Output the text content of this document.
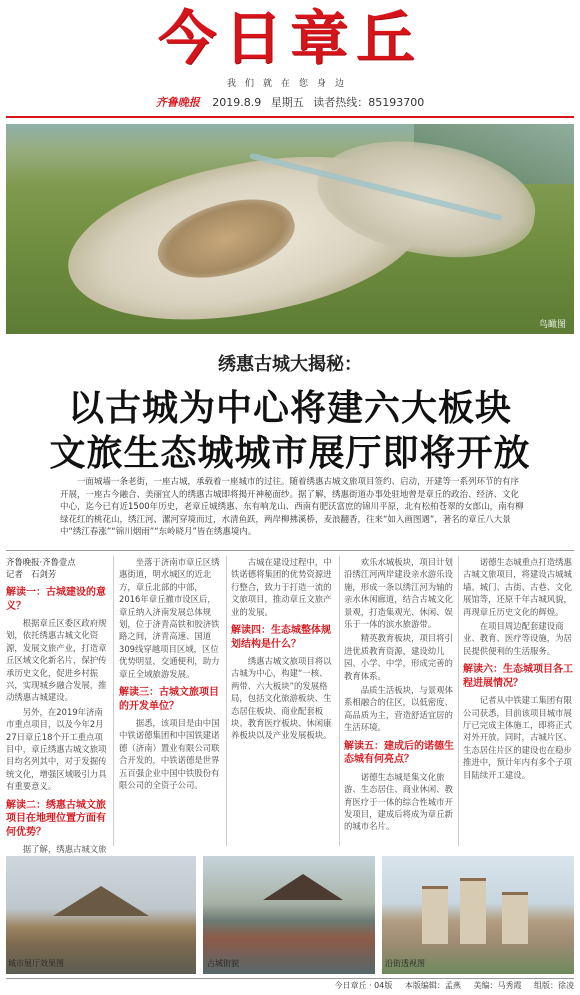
今日章丘
我们就在您身边
齐鲁晚报 2019.8.9 星期五 读者热线：85193700
鸟瞰图
绣惠古城大揭秘：
以古城为中心将建六大板块
文旅生态城城市展厅即将开放
一面城墙一条老街，一座古城，承载着一座城市的过往。随着绣惠古城文旅项目签约、启动，开建等一系列环节的有序开展，一座古今融合、美丽宜人的绣惠古城即将揭开神秘面纱。据了解，绣惠街道办事处驻地曾是章丘的政治、经济、文化中心，迄今已有近1500年历史，老章丘城绣惠、东有响龙山、西南有肥沃富庶的锦川平原，北有松柏苍翠的女郎山，南有柳绿花红的桃花山，绣江河、漯河穿境而过，水清鱼跃，两岸柳拂溪桥，麦浪翻香，往来“如入画图遇”，著名的章丘八大景中“绣江春涨”“锦川烟雨”“东岭晓月”皆在绣惠境内。
齐鲁晚报·齐鲁壹点
记者　石剑芳
解读一：古城建设的意义？

根据章丘区委区政府规划，依托绣惠古城文化资源，发展文旅产业，打造章丘区域文化新名片，保护传承历史文化，促进乡村振兴，实现城乡融合发展，推动绣惠古城建设。

另外，在2019年济南市重点项目，以及今年2月27日章丘18个开工重点项目中，章丘绣惠古城文旅项目均名列其中，对于发掘传统文化，增强区域吸引力具有重要意义。

解读二：绣惠古城文旅项目在地理位置方面有何优势？

据了解，绣惠古城文旅

坐落于济南市章丘区绣惠街道，明水城区的近北方，章丘北部的中部，2016年章丘撤市设区后，章丘纳入济南发展总体规划，位于济青高铁和胶济铁路之间，济青高速、国道309线穿越项目区域，区位优势明显，交通便利，助力章丘全域旅游发展。

解读三：古城文旅项目的开发单位？

据悉，该项目是由中国中铁诺德集团和中国铁建诺德（济南）置业有限公司联合开发的，中铁诺德是世界五百强企业中国中铁股份有限公司的全资子公司。

古城在建设过程中，中铁诺德将集团的优势资源进行整合，致力于打造一流的文旅项目，推动章丘文旅产业的发展。

解读四：生态城整体规划结构是什么？

绣惠古城文旅项目将以古城为中心，构建“一核、两带、六大板块”的发展格局，包括文化旅游板块、生态居住板块、商业配套板块、教育医疗板块、休闲康养板块以及产业发展板块。

欢乐水城板块，项目计划沿绣江河两岸建设亲水游乐设施，形成一条以绣江河为轴的亲水休闲廊道，结合古城文化景观，打造集观光、休闲、娱乐于一体的滨水旅游带。

精英教育板块，项目将引进优质教育资源，建设幼儿园、小学、中学，形成完善的教育体系。

品质生活板块，与景观体系相融合的住区，以低密度、高品质为主，营造舒适宜居的生活环境。

解读五：建成后的诺德生态城有何亮点？

诺德生态城是集文化旅游、生态居住、商业休闲、教育医疗于一体的综合性城市开发项目，建成后将成为章丘新的城市名片。

诺德生态城重点打造绣惠古城文旅项目，将建设古城城墙、城门、古街、古巷、文化展馆等，还原千年古城风貌，再现章丘历史文化的辉煌。

在项目周边配套建设商业、教育、医疗等设施，为居民提供便利的生活服务。

解读六：生态城项目各工程进展情况？

记者从中铁建工集团有限公司获悉，目前该项目城市展厅已完成主体施工，即将正式对外开放。同时，古城片区、生态居住片区的建设也在稳步推进中，预计年内有多个子项目陆续开工建设。

城市展厅效果图	古城街貌	沿街透视图
今日章丘 · 04版 本版编辑：孟燕 美编：马秀霞 组版：徐凌
